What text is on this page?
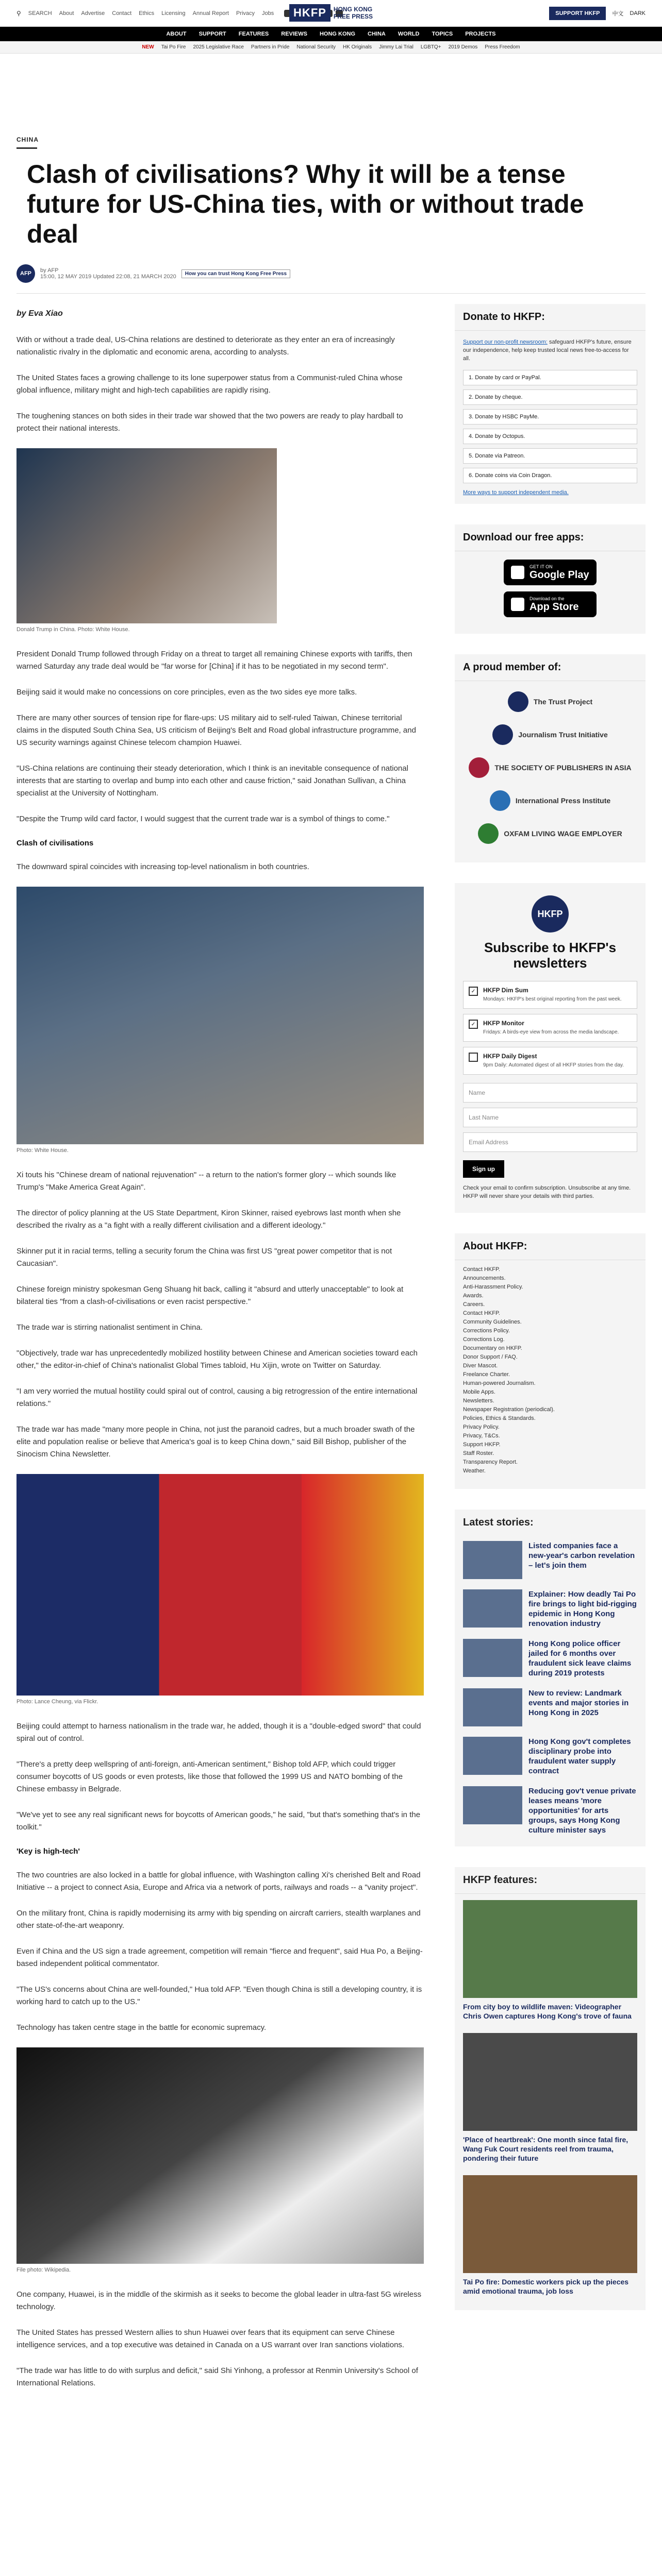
⚲ SEARCH About Advertise Contact Ethics Licensing Annual Report Privacy Jobs	HKFP	HONG KONG
FREE PRESS	SUPPORT HKFP	中文 DARK
ABOUT SUPPORT FEATURES REVIEWS HONG KONG CHINA WORLD TOPICS PROJECTS
NEW Tai Po Fire 2025 Legislative Race Partners in Pride National Security HK Originals Jimmy Lai Trial LGBTQ+ 2019 Demos Press Freedom
CHINA
Clash of civilisations? Why it will be a tense future for US-China ties, with or without trade deal
AFP	by AFP
15:00, 12 MAY 2019 Updated 22:08, 21 MARCH 2020	How you can trust Hong Kong Free Press
by Eva Xiao

With or without a trade deal, US-China relations are destined to deteriorate as they enter an era of increasingly nationalistic rivalry in the diplomatic and economic arena, according to analysts.

The United States faces a growing challenge to its lone superpower status from a Communist-ruled China whose global influence, military might and high-tech capabilities are rapidly rising.

The toughening stances on both sides in their trade war showed that the two powers are ready to play hardball to protect their national interests.

Donald Trump in China. Photo: White House.

President Donald Trump followed through Friday on a threat to target all remaining Chinese exports with tariffs, then warned Saturday any trade deal would be "far worse for [China] if it has to be negotiated in my second term".

Beijing said it would make no concessions on core principles, even as the two sides eye more talks.

There are many other sources of tension ripe for flare-ups: US military aid to self-ruled Taiwan, Chinese territorial claims in the disputed South China Sea, US criticism of Beijing's Belt and Road global infrastructure programme, and US security warnings against Chinese telecom champion Huawei.

"US-China relations are continuing their steady deterioration, which I think is an inevitable consequence of national interests that are starting to overlap and bump into each other and cause friction," said Jonathan Sullivan, a China specialist at the University of Nottingham.

"Despite the Trump wild card factor, I would suggest that the current trade war is a symbol of things to come."

Clash of civilisations

The downward spiral coincides with increasing top-level nationalism in both countries.

Photo: White House.

Xi touts his "Chinese dream of national rejuvenation" -- a return to the nation's former glory -- which sounds like Trump's "Make America Great Again".

The director of policy planning at the US State Department, Kiron Skinner, raised eyebrows last month when she described the rivalry as a "a fight with a really different civilisation and a different ideology."

Skinner put it in racial terms, telling a security forum the China was first US "great power competitor that is not Caucasian".

Chinese foreign ministry spokesman Geng Shuang hit back, calling it "absurd and utterly unacceptable" to look at bilateral ties "from a clash-of-civilisations or even racist perspective."

The trade war is stirring nationalist sentiment in China.

"Objectively, trade war has unprecedentedly mobilized hostility between Chinese and American societies toward each other," the editor-in-chief of China's nationalist Global Times tabloid, Hu Xijin, wrote on Twitter on Saturday.

"I am very worried the mutual hostility could spiral out of control, causing a big retrogression of the entire international relations."

The trade war has made "many more people in China, not just the paranoid cadres, but a much broader swath of the elite and population realise or believe that America's goal is to keep China down," said Bill Bishop, publisher of the Sinocism China Newsletter.

Photo: Lance Cheung, via Flickr.

Beijing could attempt to harness nationalism in the trade war, he added, though it is a "double-edged sword" that could spiral out of control.

"There's a pretty deep wellspring of anti-foreign, anti-American sentiment," Bishop told AFP, which could trigger consumer boycotts of US goods or even protests, like those that followed the 1999 US and NATO bombing of the Chinese embassy in Belgrade.

"We've yet to see any real significant news for boycotts of American goods," he said, "but that's something that's in the toolkit."

'Key is high-tech'

The two countries are also locked in a battle for global influence, with Washington calling Xi's cherished Belt and Road Initiative -- a project to connect Asia, Europe and Africa via a network of ports, railways and roads -- a "vanity project".

On the military front, China is rapidly modernising its army with big spending on aircraft carriers, stealth warplanes and other state-of-the-art weaponry.

Even if China and the US sign a trade agreement, competition will remain "fierce and frequent", said Hua Po, a Beijing-based independent political commentator.

"The US's concerns about China are well-founded," Hua told AFP. "Even though China is still a developing country, it is working hard to catch up to the US."

Technology has taken centre stage in the battle for economic supremacy.

File photo: Wikipedia.

One company, Huawei, is in the middle of the skirmish as it seeks to become the global leader in ultra-fast 5G wireless technology.

The United States has pressed Western allies to shun Huawei over fears that its equipment can serve Chinese intelligence services, and a top executive was detained in Canada on a US warrant over Iran sanctions violations.

"The trade war has little to do with surplus and deficit," said Shi Yinhong, a professor at Renmin University's School of International Relations.

Donate to HKFP:
Support our non-profit newsroom: safeguard HKFP's future, ensure our independence, help keep trusted local news free-to-access for all.
1. Donate by card or PayPal.
2. Donate by cheque.
3. Donate by HSBC PayMe.
4. Donate by Octopus.
5. Donate via Patreon.
6. Donate coins via Coin Dragon.
More ways to support independent media.
Download our free apps:
GET IT ON
Google Play
Download on the
App Store
A proud member of:
The Trust Project
Journalism Trust Initiative
THE SOCIETY OF PUBLISHERS IN ASIA
International Press Institute
OXFAM LIVING WAGE EMPLOYER
HKFP
Subscribe to HKFP's newsletters
✓	HKFP Dim Sum
Mondays: HKFP's best original reporting from the past week.
✓	HKFP Monitor
Fridays: A birds-eye view from across the media landscape.
HKFP Daily Digest
9pm Daily: Automated digest of all HKFP stories from the day.
Name
Last Name
Email Address
Sign up
Check your email to confirm subscription. Unsubscribe at any time. HKFP will never share your details with third parties.
About HKFP:
Contact HKFP.
Announcements.
Anti-Harassment Policy.
Awards.
Careers.
Contact HKFP.
Community Guidelines.
Corrections Policy.
Corrections Log.
Documentary on HKFP.
Donor Support / FAQ.
Diver Mascot.
Freelance Charter.
Human-powered Journalism.
Mobile Apps.
Newsletters.
Newspaper Registration (periodical).
Policies, Ethics & Standards.
Privacy Policy.
Privacy, T&Cs.
Support HKFP.
Staff Roster.
Transparency Report.
Weather.
Latest stories:
Listed companies face a new-year's carbon revelation – let's join them
Explainer: How deadly Tai Po fire brings to light bid-rigging epidemic in Hong Kong renovation industry
Hong Kong police officer jailed for 6 months over fraudulent sick leave claims during 2019 protests
New to review: Landmark events and major stories in Hong Kong in 2025
Hong Kong gov't completes disciplinary probe into fraudulent water supply contract
Reducing gov't venue private leases means 'more opportunities' for arts groups, says Hong Kong culture minister says
HKFP features:
From city boy to wildlife maven: Videographer Chris Owen captures Hong Kong's trove of fauna
'Place of heartbreak': One month since fatal fire, Wang Fuk Court residents reel from trauma, pondering their future
Tai Po fire: Domestic workers pick up the pieces amid emotional trauma, job loss
